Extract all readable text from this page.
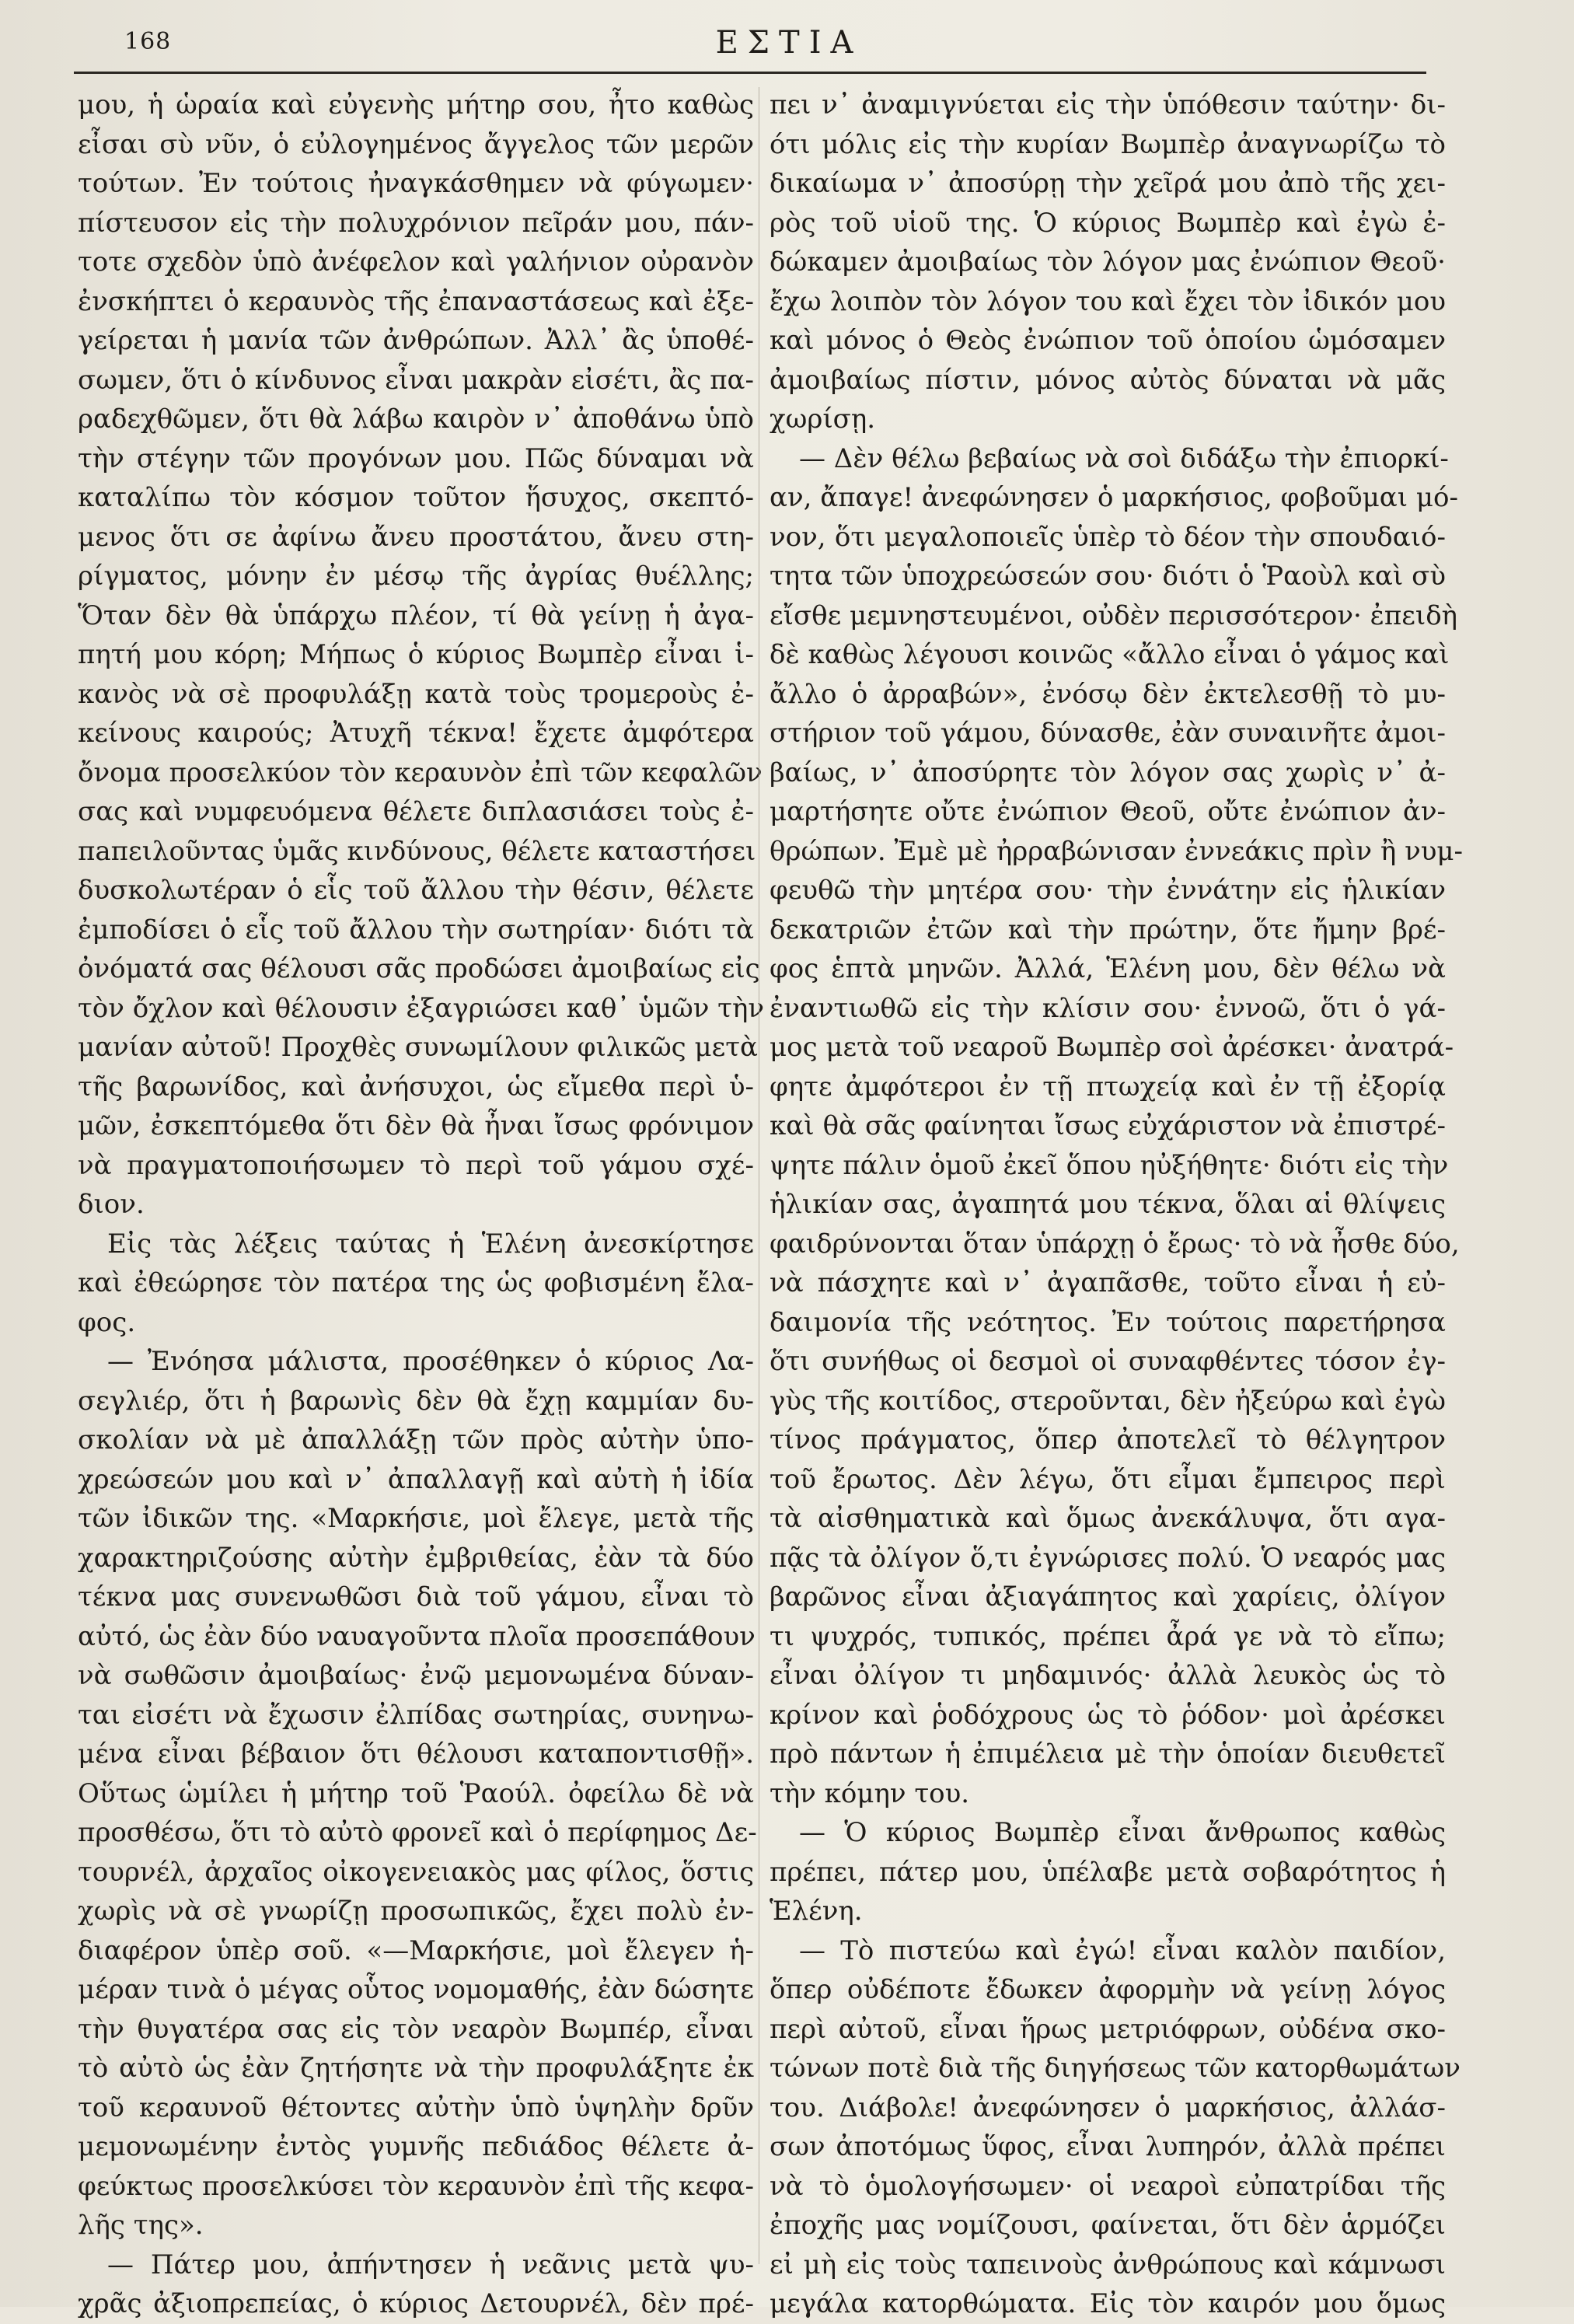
168	ΕΣΤΙΑ
μου, ἡ ὡραία καὶ εὐγενὴς μήτηρ σου, ἦτο καθὼς
εἶσαι σὺ νῦν, ὁ εὐλογημένος ἄγγελος τῶν μερῶν
τούτων. Ἐν τούτοις ἠναγκάσθημεν νὰ φύγωμεν·
πίστευσον εἰς τὴν πολυχρόνιον πεῖράν μου, πάν-
τοτε σχεδὸν ὑπὸ ἀνέφελον καὶ γαλήνιον οὐρανὸν
ἐνσκήπτει ὁ κεραυνὸς τῆς ἐπαναστάσεως καὶ ἐξε-
γείρεται ἡ μανία τῶν ἀνθρώπων. Ἀλλ᾽ ἂς ὑποθέ-
σωμεν, ὅτι ὁ κίνδυνος εἶναι μακρὰν εἰσέτι, ἂς πα-
ραδεχθῶμεν, ὅτι θὰ λάβω καιρὸν ν᾽ ἀποθάνω ὑπὸ
τὴν στέγην τῶν προγόνων μου. Πῶς δύναμαι νὰ
καταλίπω τὸν κόσμον τοῦτον ἥσυχος, σκεπτό-
μενος ὅτι σε ἀφίνω ἄνευ προστάτου, ἄνευ στη-
ρίγματος, μόνην ἐν μέσῳ τῆς ἀγρίας θυέλλης;
Ὅταν δὲν θὰ ὑπάρχω πλέον, τί θὰ γείνῃ ἡ ἀγα-
πητή μου κόρη; Μήπως ὁ κύριος Βωμπὲρ εἶναι ἱ-
κανὸς νὰ σὲ προφυλάξῃ κατὰ τοὺς τρομεροὺς ἐ-
κείνους καιρούς; Ἀτυχῆ τέκνα! ἔχετε ἀμφότερα
ὄνομα προσελκύον τὸν κεραυνὸν ἐπὶ τῶν κεφαλῶν
σας καὶ νυμφευόμενα θέλετε διπλασιάσει τοὺς ἐ-
πaπειλοῦντας ὑμᾶς κινδύνους, θέλετε καταστήσει
δυσκολωτέραν ὁ εἷς τοῦ ἄλλου τὴν θέσιν, θέλετε
ἐμποδίσει ὁ εἷς τοῦ ἄλλου τὴν σωτηρίαν· διότι τὰ
ὀνόματά σας θέλουσι σᾶς προδώσει ἀμοιβαίως εἰς
τὸν ὄχλον καὶ θέλουσιν ἐξαγριώσει καθ᾽ ὑμῶν τὴν
μανίαν αὐτοῦ! Προχθὲς συνωμίλουν φιλικῶς μετὰ
τῆς βαρωνίδος, καὶ ἀνήσυχοι, ὡς εἴμεθα περὶ ὑ-
μῶν, ἐσκεπτόμεθα ὅτι δὲν θὰ ἦναι ἴσως φρόνιμον
νὰ πραγματοποιήσωμεν τὸ περὶ τοῦ γάμου σχέ-
διον.
Εἰς τὰς λέξεις ταύτας ἡ Ἑλένη ἀνεσκίρτησε
καὶ ἐθεώρησε τὸν πατέρα της ὡς φοβισμένη ἔλα-
φος.
— Ἐνόησα μάλιστα, προσέθηκεν ὁ κύριος Λα-
σεγλιέρ, ὅτι ἡ βαρωνὶς δὲν θὰ ἔχῃ καμμίαν δυ-
σκολίαν νὰ μὲ ἀπαλλάξῃ τῶν πρὸς αὐτὴν ὑπο-
χρεώσεών μου καὶ ν᾽ ἀπαλλαγῇ καὶ αὐτὴ ἡ ἰδία
τῶν ἰδικῶν της. «Μαρκήσιε, μοὶ ἔλεγε, μετὰ τῆς
χαρακτηριζούσης αὐτὴν ἐμβριθείας, ἐὰν τὰ δύο
τέκνα μας συνενωθῶσι διὰ τοῦ γάμου, εἶναι τὸ
αὐτό, ὡς ἐὰν δύο ναυαγοῦντα πλοῖα προσεπάθουν
νὰ σωθῶσιν ἀμοιβαίως· ἐνῷ μεμονωμένα δύναν-
ται εἰσέτι νὰ ἔχωσιν ἐλπίδας σωτηρίας, συνηνω-
μένα εἶναι βέβαιον ὅτι θέλουσι καταποντισθῇ».
Οὕτως ὡμίλει ἡ μήτηρ τοῦ Ῥαούλ. ὀφείλω δὲ νὰ
προσθέσω, ὅτι τὸ αὐτὸ φρονεῖ καὶ ὁ περίφημος Δε-
τουρνέλ, ἀρχαῖος οἰκογενειακὸς μας φίλος, ὅστις
χωρὶς νὰ σὲ γνωρίζῃ προσωπικῶς, ἔχει πολὺ ἐν-
διαφέρον ὑπὲρ σοῦ. «—Μαρκήσιε, μοὶ ἔλεγεν ἡ-
μέραν τινὰ ὁ μέγας οὗτος νομομαθής, ἐὰν δώσητε
τὴν θυγατέρα σας εἰς τὸν νεαρὸν Βωμπέρ, εἶναι
τὸ αὐτὸ ὡς ἐὰν ζητήσητε νὰ τὴν προφυλάξητε ἐκ
τοῦ κεραυνοῦ θέτοντες αὐτὴν ὑπὸ ὑψηλὴν δρῦν
μεμονωμένην ἐντὸς γυμνῆς πεδιάδος θέλετε ἀ-
φεύκτως προσελκύσει τὸν κεραυνὸν ἐπὶ τῆς κεφα-
λῆς της».
— Πάτερ μου, ἀπήντησεν ἡ νεᾶνις μετὰ ψυ-
χρᾶς ἀξιοπρεπείας, ὁ κύριος Δετουρνέλ, δὲν πρέ-
πει ν᾽ ἀναμιγνύεται εἰς τὴν ὑπόθεσιν ταύτην· δι-
ότι μόλις εἰς τὴν κυρίαν Βωμπὲρ ἀναγνωρίζω τὸ
δικαίωμα ν᾽ ἀποσύρῃ τὴν χεῖρά μου ἀπὸ τῆς χει-
ρὸς τοῦ υἱοῦ της. Ὁ κύριος Βωμπὲρ καὶ ἐγὼ ἐ-
δώκαμεν ἀμοιβαίως τὸν λόγον μας ἐνώπιον Θεοῦ·
ἔχω λοιπὸν τὸν λόγον του καὶ ἔχει τὸν ἰδικόν μου
καὶ μόνος ὁ Θεὸς ἐνώπιον τοῦ ὁποίου ὡμόσαμεν
ἀμοιβαίως πίστιν, μόνος αὐτὸς δύναται νὰ μᾶς
χωρίσῃ.
— Δὲν θέλω βεβαίως νὰ σοὶ διδάξω τὴν ἐπιορκί-
αν, ἄπαγε! ἀνεφώνησεν ὁ μαρκήσιος, φοβοῦμαι μό-
νον, ὅτι μεγαλοποιεῖς ὑπὲρ τὸ δέον τὴν σπουδαιό-
τητα τῶν ὑποχρεώσεών σου· διότι ὁ Ῥαοὺλ καὶ σὺ
εἴσθε μεμνηστευμένοι, οὐδὲν περισσότερον· ἐπειδὴ
δὲ καθὼς λέγουσι κοινῶς «ἄλλο εἶναι ὁ γάμος καὶ
ἄλλο ὁ ἀρραβών», ἐνόσῳ δὲν ἐκτελεσθῇ τὸ μυ-
στήριον τοῦ γάμου, δύνασθε, ἐὰν συναινῆτε ἀμοι-
βαίως, ν᾽ ἀποσύρητε τὸν λόγον σας χωρὶς ν᾽ ἀ-
μαρτήσητε οὔτε ἐνώπιον Θεοῦ, οὔτε ἐνώπιον ἀν-
θρώπων. Ἐμὲ μὲ ἠρραβώνισαν ἐννεάκις πρὶν ἢ νυμ-
φευθῶ τὴν μητέρα σου· τὴν ἐννάτην εἰς ἡλικίαν
δεκατριῶν ἐτῶν καὶ τὴν πρώτην, ὅτε ἤμην βρέ-
φος ἑπτὰ μηνῶν. Ἀλλά, Ἑλένη μου, δὲν θέλω νὰ
ἐναντιωθῶ εἰς τὴν κλίσιν σου· ἐννοῶ, ὅτι ὁ γά-
μος μετὰ τοῦ νεαροῦ Βωμπὲρ σοὶ ἀρέσκει· ἀνατρά-
φητε ἀμφότεροι ἐν τῇ πτωχείᾳ καὶ ἐν τῇ ἐξορίᾳ
καὶ θὰ σᾶς φαίνηται ἴσως εὐχάριστον νὰ ἐπιστρέ-
ψητε πάλιν ὁμοῦ ἐκεῖ ὅπου ηὐξήθητε· διότι εἰς τὴν
ἡλικίαν σας, ἀγαπητά μου τέκνα, ὅλαι αἱ θλίψεις
φαιδρύνονται ὅταν ὑπάρχῃ ὁ ἔρως· τὸ νὰ ἦσθε δύο,
νὰ πάσχητε καὶ ν᾽ ἀγαπᾶσθε, τοῦτο εἶναι ἡ εὐ-
δαιμονία τῆς νεότητος. Ἐν τούτοις παρετήρησα
ὅτι συνήθως οἱ δεσμοὶ οἱ συναφθέντες τόσον ἐγ-
γὺς τῆς κοιτίδος, στεροῦνται, δὲν ἠξεύρω καὶ ἐγὼ
τίνος πράγματος, ὅπερ ἀποτελεῖ τὸ θέλγητρον
τοῦ ἔρωτος. Δὲν λέγω, ὅτι εἶμαι ἔμπειρος περὶ
τὰ αἰσθηματικὰ καὶ ὅμως ἀνεκάλυψα, ὅτι αγα-
πᾷς τὰ ὀλίγον ὅ,τι ἐγνώρισες πολύ. Ὁ νεαρός μας
βαρῶνος εἶναι ἀξιαγάπητος καὶ χαρίεις, ὀλίγον
τι ψυχρός, τυπικός, πρέπει ἆρά γε νὰ τὸ εἴπω;
εἶναι ὀλίγον τι μηδαμινός· ἀλλὰ λευκὸς ὡς τὸ
κρίνον καὶ ῥοδόχρους ὡς τὸ ῥόδον· μοὶ ἀρέσκει
πρὸ πάντων ἡ ἐπιμέλεια μὲ τὴν ὁποίαν διευθετεῖ
τὴν κόμην του.
— Ὁ κύριος Βωμπὲρ εἶναι ἄνθρωπος καθὼς
πρέπει, πάτερ μου, ὑπέλαβε μετὰ σοβαρότητος ἡ
Ἑλένη.
— Τὸ πιστεύω καὶ ἐγώ! εἶναι καλὸν παιδίον,
ὅπερ οὐδέποτε ἔδωκεν ἀφορμὴν νὰ γείνῃ λόγος
περὶ αὐτοῦ, εἶναι ἥρως μετριόφρων, οὐδένα σκο-
τώνων ποτὲ διὰ τῆς διηγήσεως τῶν κατορθωμάτων
του. Διάβολε! ἀνεφώνησεν ὁ μαρκήσιος, ἀλλάσ-
σων ἀποτόμως ὕφος, εἶναι λυπηρόν, ἀλλὰ πρέπει
νὰ τὸ ὁμολογήσωμεν· οἱ νεαροὶ εὐπατρίδαι τῆς
ἐποχῆς μας νομίζουσι, φαίνεται, ὅτι δὲν ἁρμόζει
εἰ μὴ εἰς τοὺς ταπεινοὺς ἀνθρώπους καὶ κάμνωσι
μεγάλα κατορθώματα. Εἰς τὸν καιρόν μου ὅμως
